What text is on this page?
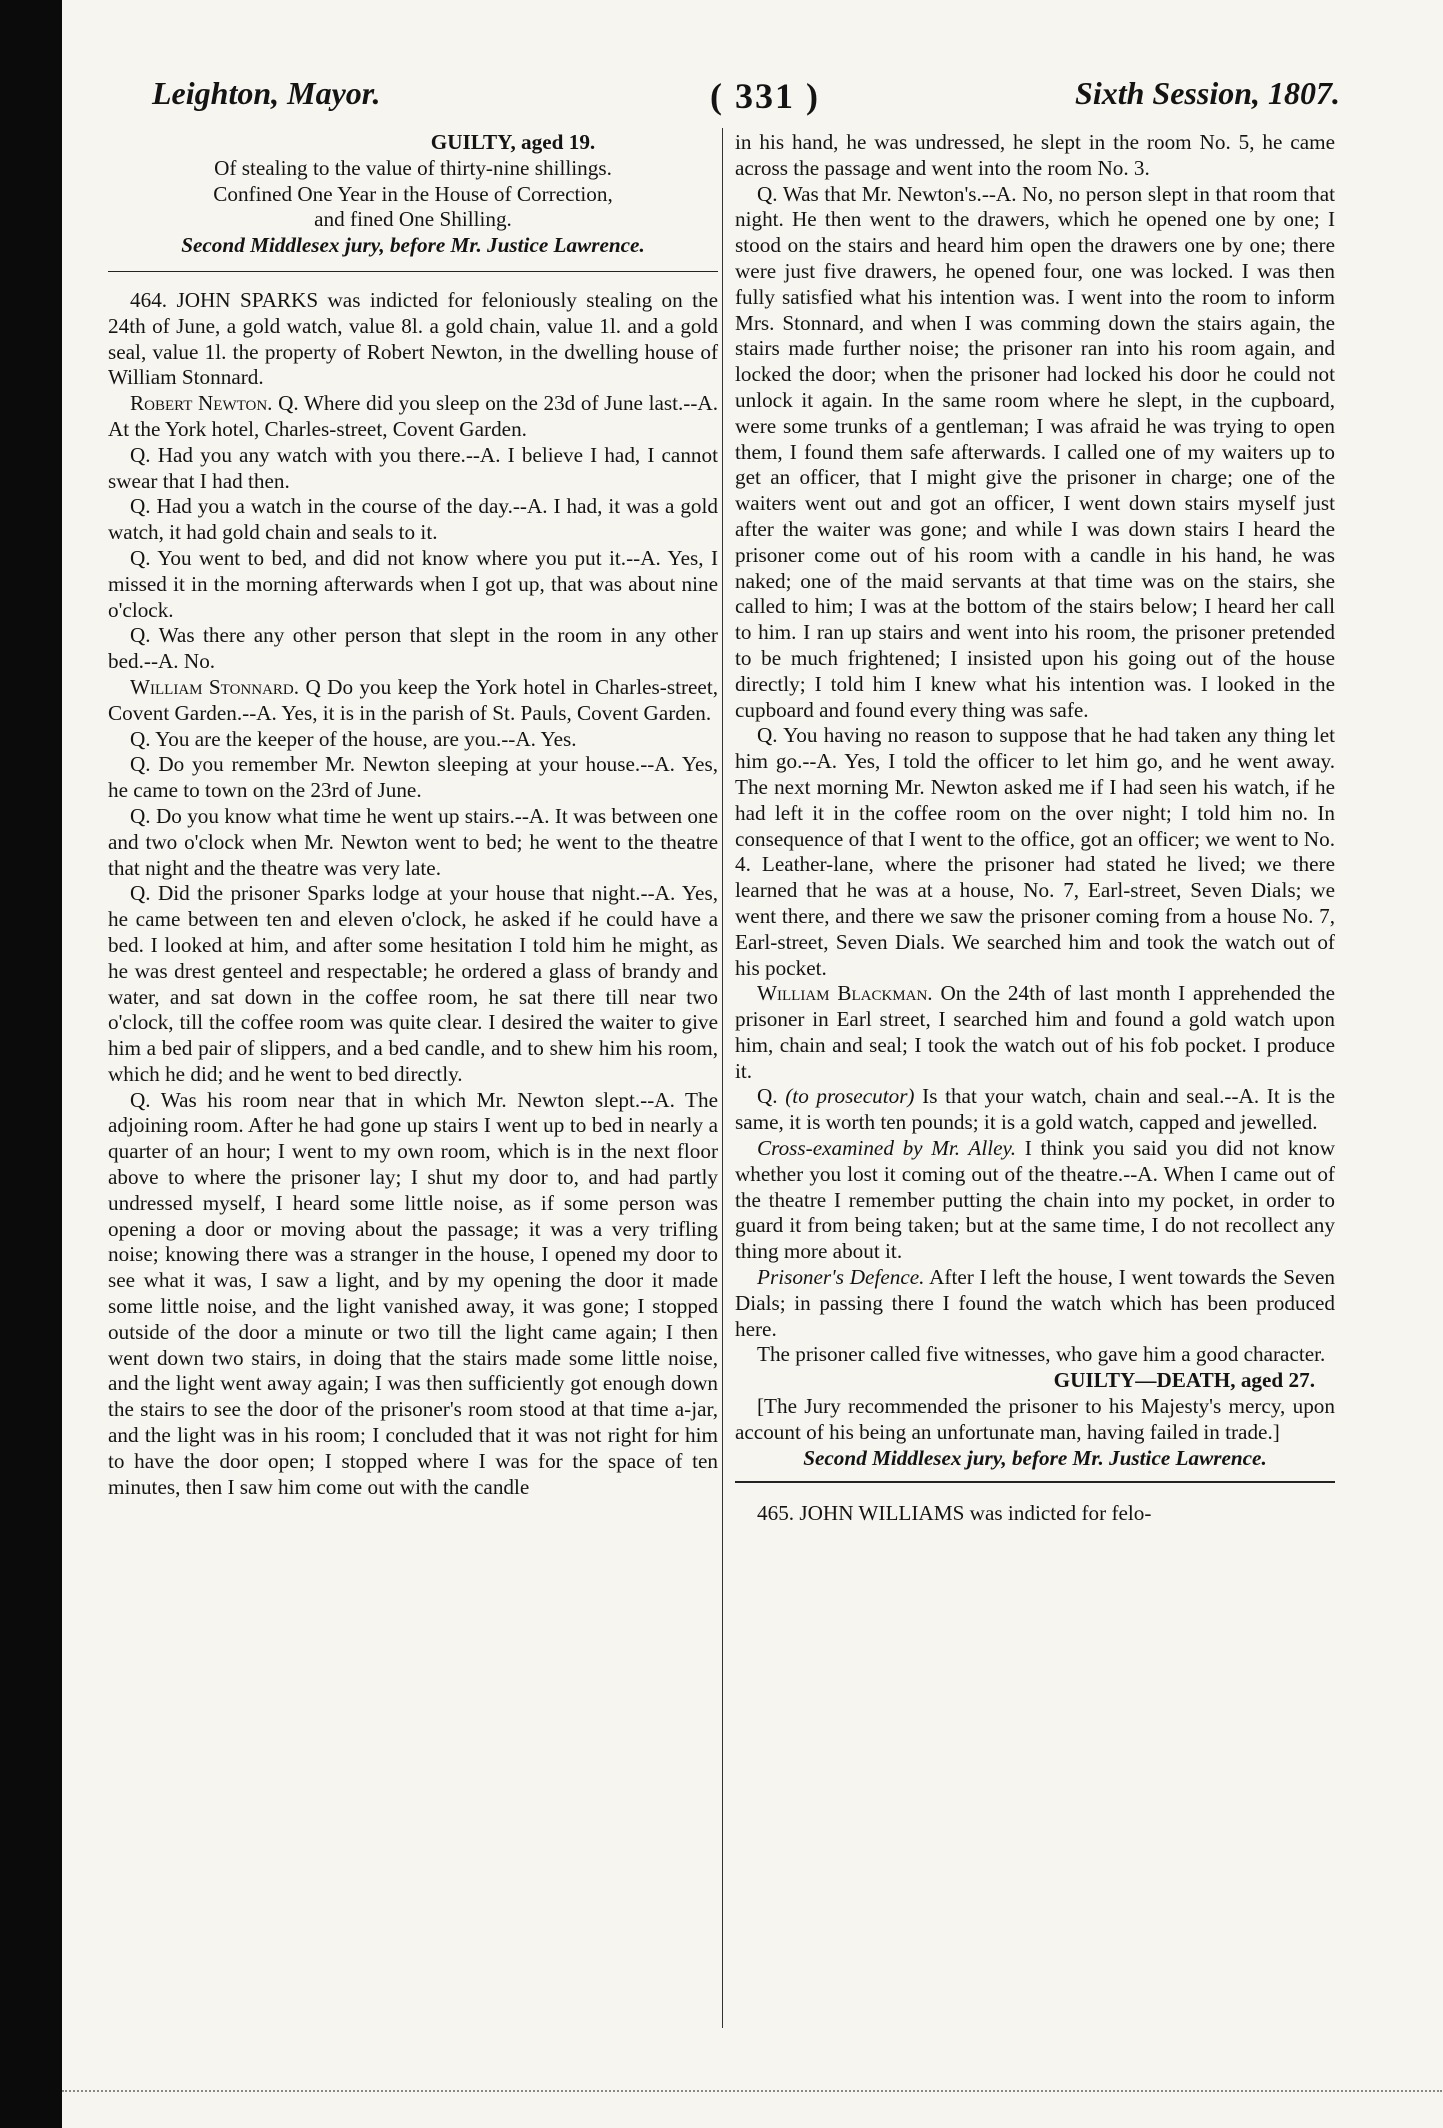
Leighton, Mayor.	( 331 )	Sixth Session, 1807.

GUILTY, aged 19.

Of stealing to the value of thirty-nine shillings.

Confined One Year in the House of Correction,

and fined One Shilling.

Second Middlesex jury, before Mr. Justice Lawrence.

464. JOHN SPARKS was indicted for feloniously stealing on the 24th of June, a gold watch, value 8l. a gold chain, value 1l. and a gold seal, value 1l. the property of Robert Newton, in the dwelling house of William Stonnard.

Robert Newton. Q. Where did you sleep on the 23d of June last.--A. At the York hotel, Charles-street, Covent Garden.

Q. Had you any watch with you there.--A. I believe I had, I cannot swear that I had then.

Q. Had you a watch in the course of the day.--A. I had, it was a gold watch, it had gold chain and seals to it.

Q. You went to bed, and did not know where you put it.--A. Yes, I missed it in the morning afterwards when I got up, that was about nine o'clock.

Q. Was there any other person that slept in the room in any other bed.--A. No.

William Stonnard. Q Do you keep the York hotel in Charles-street, Covent Garden.--A. Yes, it is in the parish of St. Pauls, Covent Garden.

Q. You are the keeper of the house, are you.--A. Yes.

Q. Do you remember Mr. Newton sleeping at your house.--A. Yes, he came to town on the 23rd of June.

Q. Do you know what time he went up stairs.--A. It was between one and two o'clock when Mr. Newton went to bed; he went to the theatre that night and the theatre was very late.

Q. Did the prisoner Sparks lodge at your house that night.--A. Yes, he came between ten and eleven o'clock, he asked if he could have a bed. I looked at him, and after some hesitation I told him he might, as he was drest genteel and respectable; he ordered a glass of brandy and water, and sat down in the coffee room, he sat there till near two o'clock, till the coffee room was quite clear. I desired the waiter to give him a bed pair of slippers, and a bed candle, and to shew him his room, which he did; and he went to bed directly.

Q. Was his room near that in which Mr. Newton slept.--A. The adjoining room. After he had gone up stairs I went up to bed in nearly a quarter of an hour; I went to my own room, which is in the next floor above to where the prisoner lay; I shut my door to, and had partly undressed myself, I heard some little noise, as if some person was opening a door or moving about the passage; it was a very trifling noise; knowing there was a stranger in the house, I opened my door to see what it was, I saw a light, and by my opening the door it made some little noise, and the light vanished away, it was gone; I stopped outside of the door a minute or two till the light came again; I then went down two stairs, in doing that the stairs made some little noise, and the light went away again; I was then sufficiently got enough down the stairs to see the door of the prisoner's room stood at that time a-jar, and the light was in his room; I concluded that it was not right for him to have the door open; I stopped where I was for the space of ten minutes, then I saw him come out with the candle

in his hand, he was undressed, he slept in the room No. 5, he came across the passage and went into the room No. 3.

Q. Was that Mr. Newton's.--A. No, no person slept in that room that night. He then went to the drawers, which he opened one by one; I stood on the stairs and heard him open the drawers one by one; there were just five drawers, he opened four, one was locked. I was then fully satisfied what his intention was. I went into the room to inform Mrs. Stonnard, and when I was comming down the stairs again, the stairs made further noise; the prisoner ran into his room again, and locked the door; when the prisoner had locked his door he could not unlock it again. In the same room where he slept, in the cupboard, were some trunks of a gentleman; I was afraid he was trying to open them, I found them safe afterwards. I called one of my waiters up to get an officer, that I might give the prisoner in charge; one of the waiters went out and got an officer, I went down stairs myself just after the waiter was gone; and while I was down stairs I heard the prisoner come out of his room with a candle in his hand, he was naked; one of the maid servants at that time was on the stairs, she called to him; I was at the bottom of the stairs below; I heard her call to him. I ran up stairs and went into his room, the prisoner pretended to be much frightened; I insisted upon his going out of the house directly; I told him I knew what his intention was. I looked in the cupboard and found every thing was safe.

Q. You having no reason to suppose that he had taken any thing let him go.--A. Yes, I told the officer to let him go, and he went away. The next morning Mr. Newton asked me if I had seen his watch, if he had left it in the coffee room on the over night; I told him no. In consequence of that I went to the office, got an officer; we went to No. 4. Leather-lane, where the prisoner had stated he lived; we there learned that he was at a house, No. 7, Earl-street, Seven Dials; we went there, and there we saw the prisoner coming from a house No. 7, Earl-street, Seven Dials. We searched him and took the watch out of his pocket.

William Blackman. On the 24th of last month I apprehended the prisoner in Earl street, I searched him and found a gold watch upon him, chain and seal; I took the watch out of his fob pocket. I produce it.

Q. (to prosecutor) Is that your watch, chain and seal.--A. It is the same, it is worth ten pounds; it is a gold watch, capped and jewelled.

Cross-examined by Mr. Alley. I think you said you did not know whether you lost it coming out of the theatre.--A. When I came out of the theatre I remember putting the chain into my pocket, in order to guard it from being taken; but at the same time, I do not recollect any thing more about it.

Prisoner's Defence. After I left the house, I went towards the Seven Dials; in passing there I found the watch which has been produced here.

The prisoner called five witnesses, who gave him a good character.

GUILTY—DEATH, aged 27.

[The Jury recommended the prisoner to his Majesty's mercy, upon account of his being an unfortunate man, having failed in trade.]

Second Middlesex jury, before Mr. Justice Lawrence.

465. JOHN WILLIAMS was indicted for felo-
